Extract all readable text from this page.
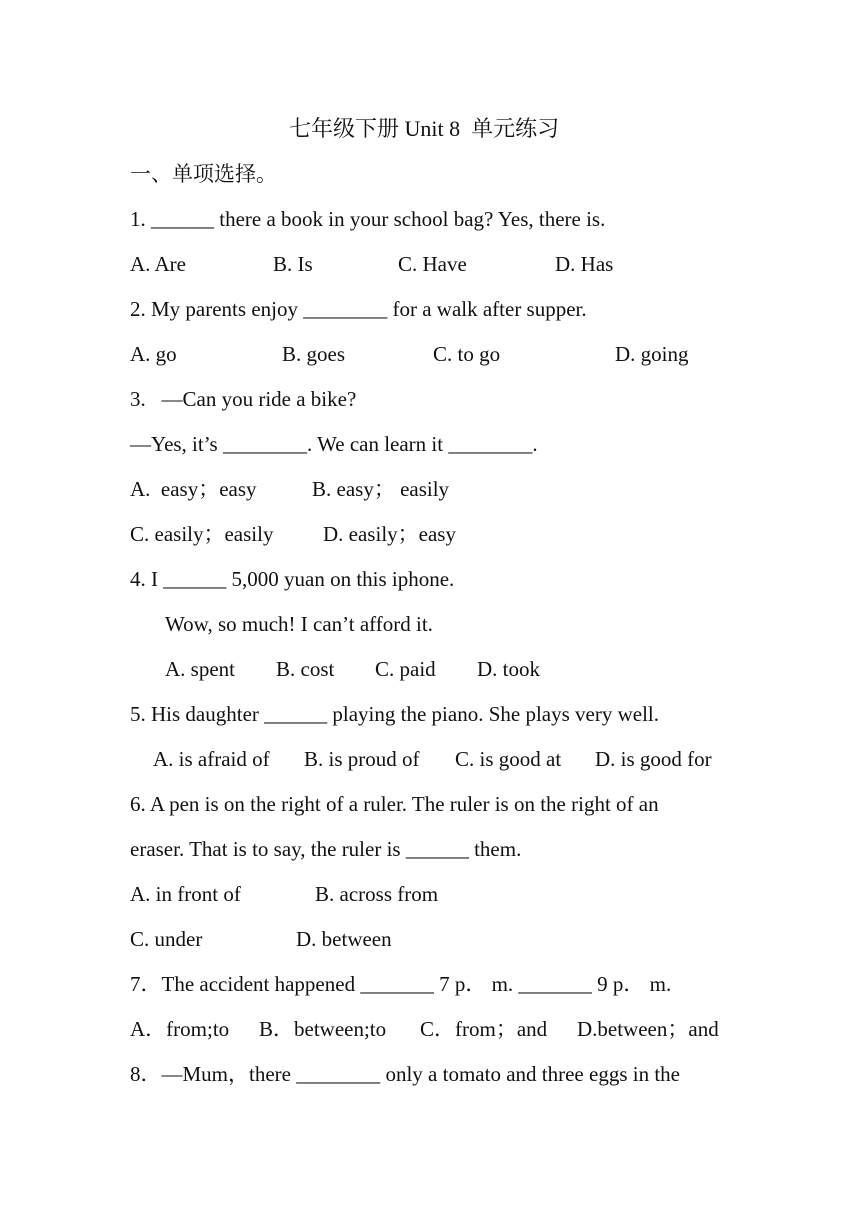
七年级下册 Unit 8  单元练习
一、单项选择。
1. ______ there a book in your school bag? Yes, there is.
A. Are	B. Is	C. Have	D. Has
2. My parents enjoy ________ for a walk after supper.
A. go	B. goes	C. to go	D. going
3.   —Can you ride a bike?
—Yes, it’s ________. We can learn it ________.
A.  easy；easy	B. easy； easily
C. easily；easily D. easily；easy
4. I ______ 5,000 yuan on this iphone.
Wow, so much! I can’t afford it.
A. spent B. cost C. paid D. took
5. His daughter ______ playing the piano. She plays very well.
A. is afraid of B. is proud of C. is good at D. is good for
6. A pen is on the right of a ruler. The ruler is on the right of an
eraser. That is to say, the ruler is ______ them.
A. in front of	B. across from
C. under	D. between
7．The accident happened _______ 7 p． m. _______ 9 p． m.
A．from;to B．between;to C．from；and D.between；and
8．—Mum，there ________ only a tomato and three eggs in the
